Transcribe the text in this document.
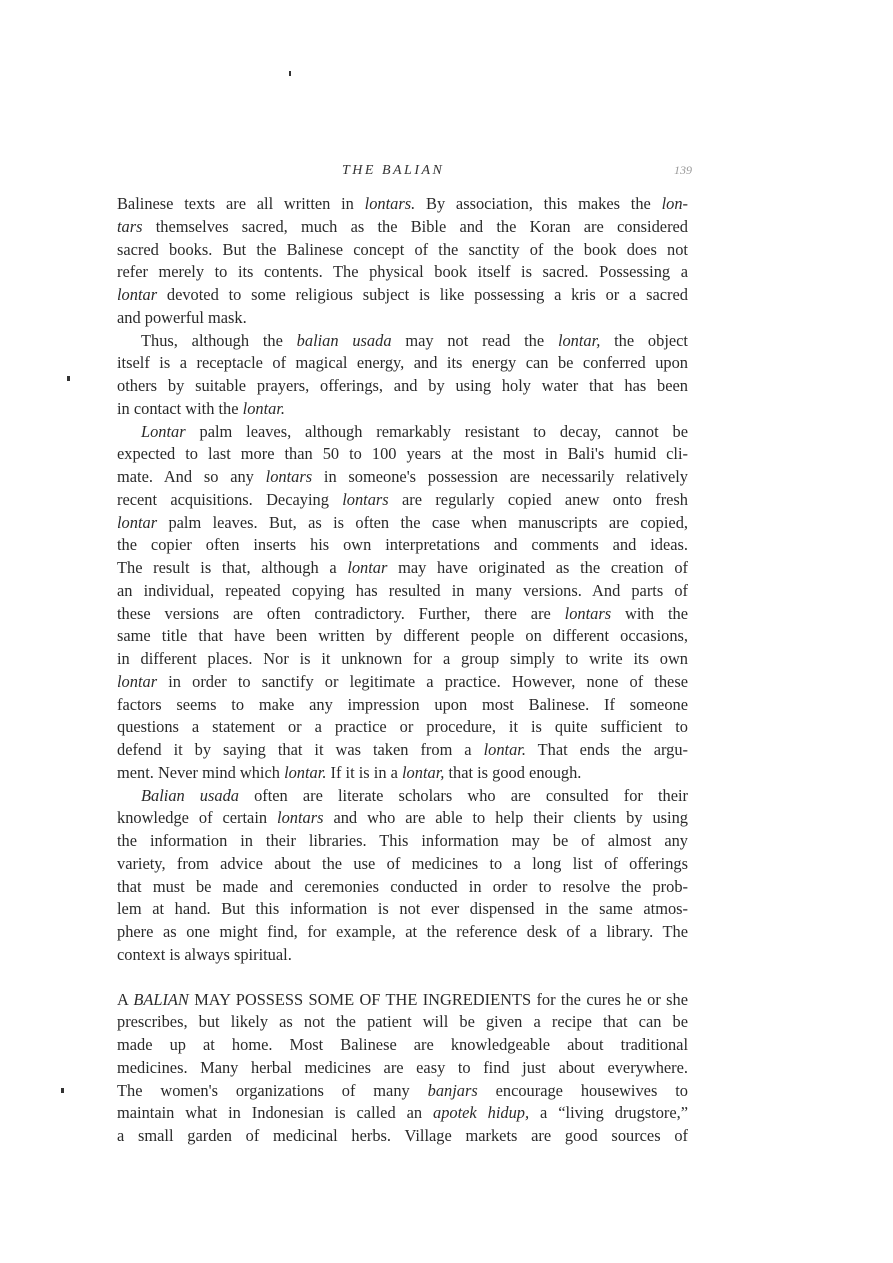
THE BALIAN	139
Balinese texts are all written in lontars. By association, this makes the lon-
tars themselves sacred, much as the Bible and the Koran are considered
sacred books. But the Balinese concept of the sanctity of the book does not
refer merely to its contents. The physical book itself is sacred. Possessing a
lontar devoted to some religious subject is like possessing a kris or a sacred
and powerful mask.
Thus, although the balian usada may not read the lontar, the object
itself is a receptacle of magical energy, and its energy can be conferred upon
others by suitable prayers, offerings, and by using holy water that has been
in contact with the lontar.
Lontar palm leaves, although remarkably resistant to decay, cannot be
expected to last more than 50 to 100 years at the most in Bali's humid cli-
mate. And so any lontars in someone's possession are necessarily relatively
recent acquisitions. Decaying lontars are regularly copied anew onto fresh
lontar palm leaves. But, as is often the case when manuscripts are copied,
the copier often inserts his own interpretations and comments and ideas.
The result is that, although a lontar may have originated as the creation of
an individual, repeated copying has resulted in many versions. And parts of
these versions are often contradictory. Further, there are lontars with the
same title that have been written by different people on different occasions,
in different places. Nor is it unknown for a group simply to write its own
lontar in order to sanctify or legitimate a practice. However, none of these
factors seems to make any impression upon most Balinese. If someone
questions a statement or a practice or procedure, it is quite sufficient to
defend it by saying that it was taken from a lontar. That ends the argu-
ment. Never mind which lontar. If it is in a lontar, that is good enough.
Balian usada often are literate scholars who are consulted for their
knowledge of certain lontars and who are able to help their clients by using
the information in their libraries. This information may be of almost any
variety, from advice about the use of medicines to a long list of offerings
that must be made and ceremonies conducted in order to resolve the prob-
lem at hand. But this information is not ever dispensed in the same atmos-
phere as one might find, for example, at the reference desk of a library. The
context is always spiritual.
A BALIAN MAY POSSESS SOME OF THE INGREDIENTS for the cures he or she
prescribes, but likely as not the patient will be given a recipe that can be
made up at home. Most Balinese are knowledgeable about traditional
medicines. Many herbal medicines are easy to find just about everywhere.
The women's organizations of many banjars encourage housewives to
maintain what in Indonesian is called an apotek hidup, a “living drugstore,”
a small garden of medicinal herbs. Village markets are good sources of
